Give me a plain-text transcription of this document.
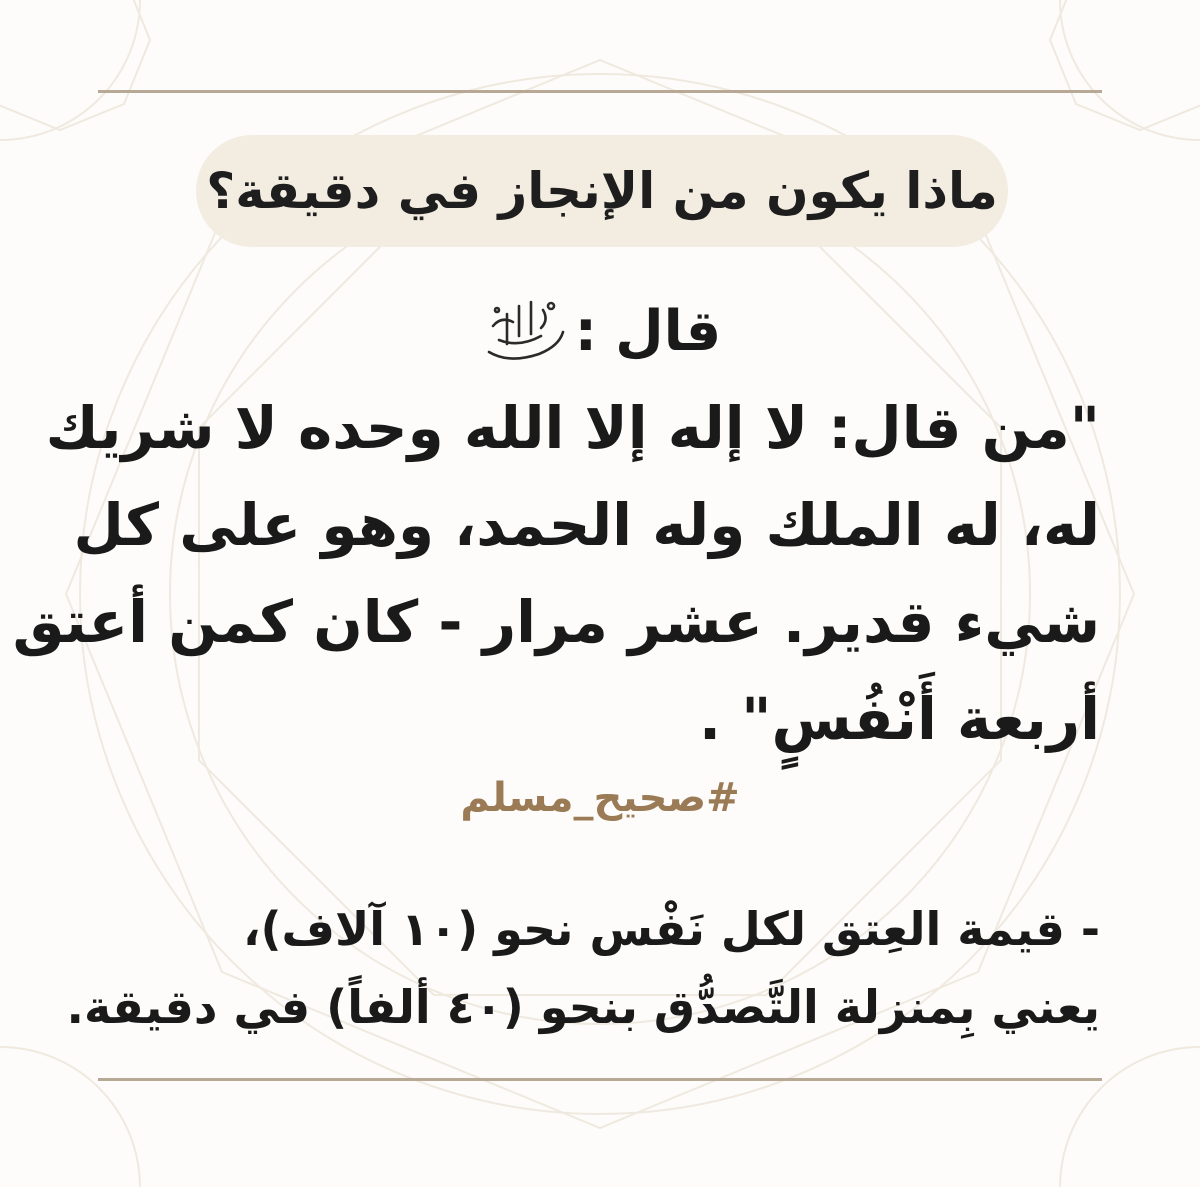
ماذا يكون من الإنجاز في دقيقة؟
قال
:
"من قال: لا إله إلا الله وحده لا شريك
له، له الملك وله الحمد، وهو على كل
شيء قدير. عشر مرار - كان كمن أعتق
أربعة أَنْفُسٍ" .
#صحيح_مسلم
- قيمة العِتق لكل نَفْس نحو (١٠ آلاف)،
يعني بِمنزلة التَّصدُّق بنحو (٤٠ ألفاً) في دقيقة.
